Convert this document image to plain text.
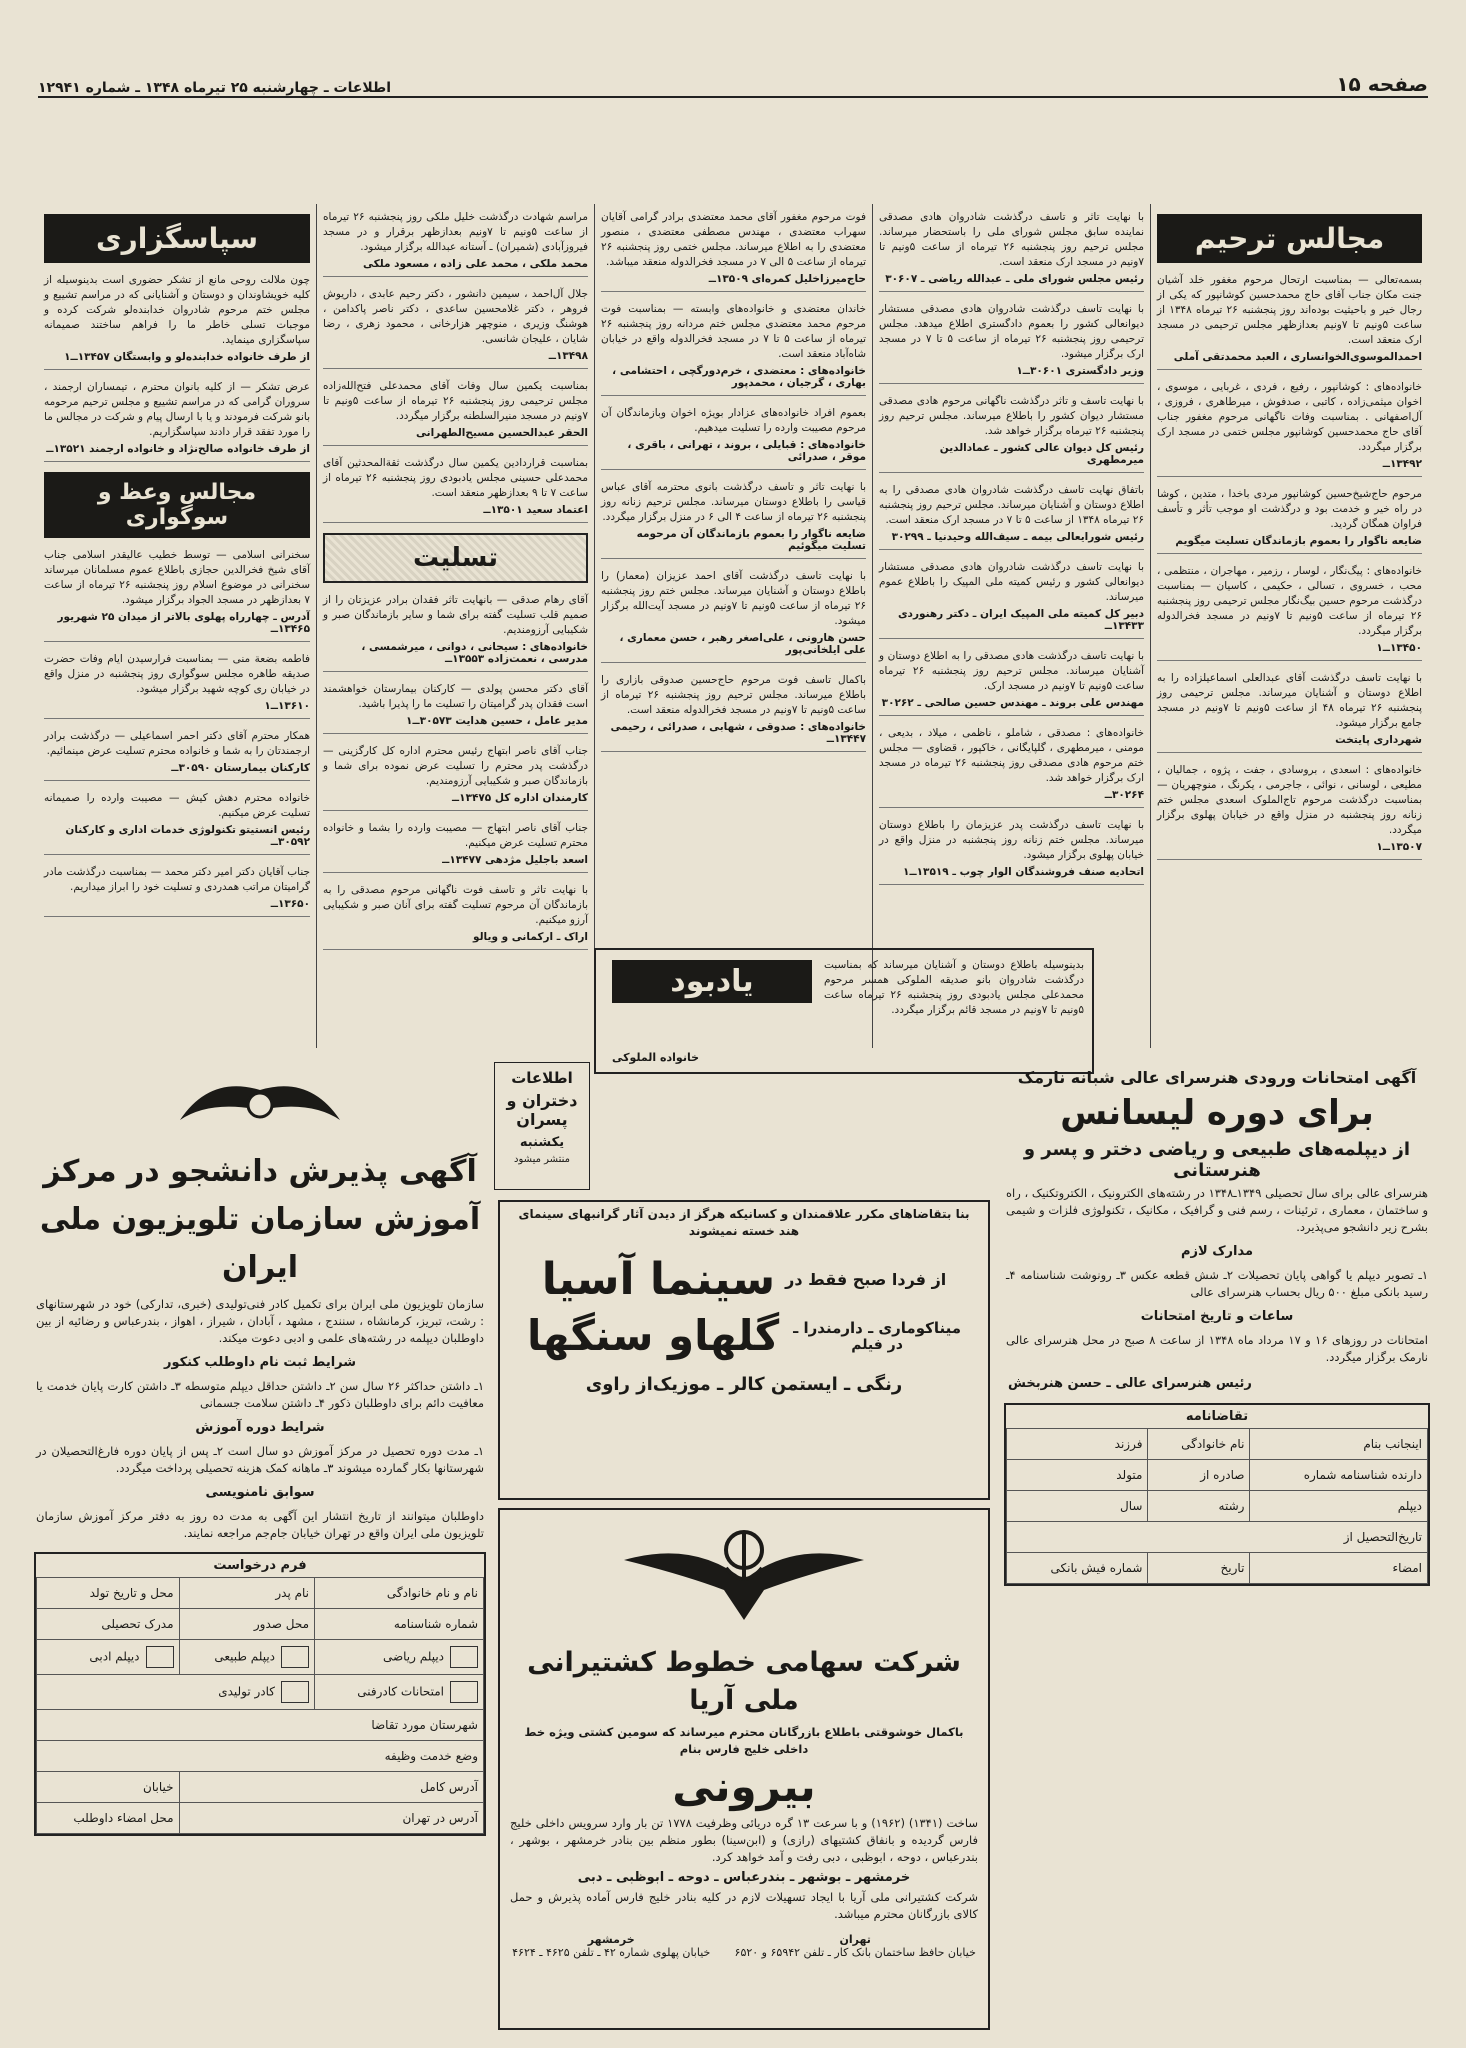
صفحه ۱۵
اطلاعات ـ چهارشنبه ۲۵ تیرماه ۱۳۴۸ ـ شماره ۱۲۹۴۱
مجالس ترحیم
بسمه‌تعالی — بمناسبت ارتحال مرحوم مغفور خلد آشیان جنت مکان جناب آقای حاج محمدحسین کوشانپور که یکی از رجال خیر و باحیثیت بوده‌اند روز پنجشنبه ۲۶ تیرماه ۱۳۴۸ از ساعت ۵ونیم تا ۷ونیم بعدازظهر مجلس ترحیمی در مسجد ارک منعقد است.
احمدالموسوی‌الخوانساری ، العبد محمدتقی آملی
خانواده‌های : کوشانپور ، رفیع ، فردی ، غربایی ، موسوی ، اخوان میثمی‌زاده ، کاتبی ، صدفوش ، میرطاهری ، فروزی ، آل‌اصفهانی . بمناسبت وفات ناگهانی مرحوم مغفور جناب آقای حاج محمدحسین کوشانپور مجلس ختمی در مسجد ارک برگزار میگردد.
۱۳۴۹۲ــ
مرحوم حاج‌شیخ‌حسین کوشانپور مردی باخدا ، متدین ، کوشا در راه خیر و خدمت بود و درگذشت او موجب تأثر و تأسف فراوان همگان گردید.
ضایعه ناگوار را بعموم بازماندگان تسلیت میگویم
خانواده‌های : پیگ‌نگار ، لوسار ، رزمیر ، مهاجران ، منتظمی ، محب ، خسروی ، تسالی ، حکیمی ، کاسیان — بمناسبت درگذشت مرحوم حسین بیگ‌نگار مجلس ترحیمی روز پنجشنبه ۲۶ تیرماه از ساعت ۵ونیم تا ۷ونیم در مسجد فخرالدوله برگزار میگردد.
۱۳۴۵۰ــ۱
با نهایت تاسف درگذشت آقای عبدالعلی اسماعیلزاده را به اطلاع دوستان و آشنایان میرساند. مجلس ترحیمی روز پنجشنبه ۲۶ تیرماه ۴۸ از ساعت ۵ونیم تا ۷ونیم در مسجد جامع برگزار میشود.
شهرداری پایتخت
خانواده‌های : اسعدی ، بروسادی ، جفت ، پژوه ، جمالیان ، مطیعی ، لوسانی ، نوائی ، جاجرمی ، یکرنگ ، منوچهریان — بمناسبت درگذشت مرحوم تاج‌الملوک اسعدی مجلس ختم زنانه روز پنجشنبه در منزل واقع در خیابان پهلوی برگزار میگردد.
۱۳۵۰۷ــ۱
با نهایت تاثر و تاسف درگذشت شادروان هادی مصدقی نماینده سابق مجلس شورای ملی را باستحضار میرساند. مجلس ترحیم روز پنجشنبه ۲۶ تیرماه از ساعت ۵ونیم تا ۷ونیم در مسجد ارک منعقد است.
رئیس مجلس شورای ملی ـ عبدالله ریاضی ـ ۳۰۶۰۷
با نهایت تاسف درگذشت شادروان هادی مصدقی مستشار دیوانعالی کشور را بعموم دادگستری اطلاع میدهد. مجلس ترحیمی روز پنجشنبه ۲۶ تیرماه از ساعت ۵ تا ۷ در مسجد ارک برگزار میشود.
وزیر دادگستری ۳۰۶۰۱ــ۱
با نهایت تاسف و تاثر درگذشت ناگهانی مرحوم هادی مصدقی مستشار دیوان کشور را باطلاع میرساند. مجلس ترحیم روز پنجشنبه ۲۶ تیرماه برگزار خواهد شد.
رئیس کل دیوان عالی کشور ـ عمادالدین میرمطهری
باتفاق نهایت تاسف درگذشت شادروان هادی مصدقی را به اطلاع دوستان و آشنایان میرساند. مجلس ترحیم روز پنجشنبه ۲۶ تیرماه ۱۳۴۸ از ساعت ۵ تا ۷ در مسجد ارک منعقد است.
رئیس شورایعالی بیمه ـ سیف‌الله وحیدنیا ـ ۳۰۲۹۹
با نهایت تاسف درگذشت شادروان هادی مصدقی مستشار دیوانعالی کشور و رئیس کمیته ملی المپیک را باطلاع عموم میرساند.
دبیر کل کمیته ملی المپیک ایران ـ دکتر رهنوردی ۱۳۴۳۳ــ
با نهایت تاسف درگذشت هادی مصدقی را به اطلاع دوستان و آشنایان میرساند. مجلس ترحیم روز پنجشنبه ۲۶ تیرماه ساعت ۵ونیم تا ۷ونیم در مسجد ارک.
مهندس علی بروند ـ مهندس حسین صالحی ـ ۳۰۲۶۲
خانواده‌های : مصدقی ، شاملو ، ناظمی ، میلاد ، بدیعی ، مومنی ، میرمطهری ، گلپایگانی ، خاکپور ، قضاوی — مجلس ختم مرحوم هادی مصدقی روز پنجشنبه ۲۶ تیرماه در مسجد ارک برگزار خواهد شد.
۳۰۲۶۴ــ
با نهایت تاسف درگذشت پدر عزیزمان را باطلاع دوستان میرساند. مجلس ختم زنانه روز پنجشنبه در منزل واقع در خیابان پهلوی برگزار میشود.
اتحادیه صنف فروشندگان الوار چوب ـ ۱۳۵۱۹ــ۱
فوت مرحوم مغفور آقای محمد معتضدی برادر گرامی آقایان سهراب معتضدی ، مهندس مصطفی معتضدی ، منصور معتضدی را به اطلاع میرساند. مجلس ختمی روز پنجشنبه ۲۶ تیرماه از ساعت ۵ الی ۷ در مسجد فخرالدوله منعقد میباشد.
حاج‌میرزاخلیل کمره‌ای ۱۳۵۰۹ــ
خاندان معتضدی و خانواده‌های وابسته — بمناسبت فوت مرحوم محمد معتضدی مجلس ختم مردانه روز پنجشنبه ۲۶ تیرماه از ساعت ۵ تا ۷ در مسجد فخرالدوله واقع در خیابان شاه‌آباد منعقد است.
خانواده‌های : معتضدی ، خرم‌دورگچی ، احتشامی ، بهاری ، گرجیان ، محمدپور
بعموم افراد خانواده‌های عزادار بویژه اخوان وبازماندگان آن مرحوم مصیبت وارده را تسلیت میدهیم.
خانواده‌های : قبایلی ، بروند ، تهرانی ، باقری ، موقر ، صدرائی
با نهایت تاثر و تاسف درگذشت بانوی محترمه آقای عباس قیاسی را باطلاع دوستان میرساند. مجلس ترحیم زنانه روز پنجشنبه ۲۶ تیرماه از ساعت ۴ الی ۶ در منزل برگزار میگردد.
ضایعه ناگوار را بعموم بازماندگان آن مرحومه تسلیت میگوئیم
با نهایت تاسف درگذشت آقای احمد عزیزان (معمار) را باطلاع دوستان و آشنایان میرساند. مجلس ختم روز پنجشنبه ۲۶ تیرماه از ساعت ۵ونیم تا ۷ونیم در مسجد آیت‌الله برگزار میشود.
حسن هارونی ، علی‌اصغر رهبر ، حسن معماری ، علی ایلخانی‌پور
باکمال تاسف فوت مرحوم حاج‌حسین صدوقی بازاری را باطلاع میرساند. مجلس ترحیم روز پنجشنبه ۲۶ تیرماه از ساعت ۵ونیم تا ۷ونیم در مسجد فخرالدوله منعقد است.
خانواده‌های : صدوقی ، شهابی ، صدرائی ، رحیمی ۱۳۴۴۷ــ
مراسم شهادت درگذشت خلیل ملکی روز پنجشنبه ۲۶ تیرماه از ساعت ۵ونیم تا ۷ونیم بعدازظهر برقرار و در مسجد فیروزآبادی (شمیران) ـ آستانه عبدالله برگزار میشود.
محمد ملکی ، محمد علی زاده ، مسعود ملکی
جلال آل‌احمد ، سیمین دانشور ، دکتر رحیم عابدی ، داریوش فروهر ، دکتر غلامحسین ساعدی ، دکتر ناصر پاکدامن ، هوشنگ وزیری ، منوچهر هزارخانی ، محمود زهری ، رضا شایان ، علیجان شانسی.
۱۳۴۹۸ــ
بمناسبت یکمین سال وفات آقای محمدعلی فتح‌الله‌زاده مجلس ترحیمی روز پنجشنبه ۲۶ تیرماه از ساعت ۵ونیم تا ۷ونیم در مسجد منیرالسلطنه برگزار میگردد.
الحقر عبدالحسین مسیح‌الطهرانی
بمناسبت قراردادین یکمین سال درگذشت ثقةالمحدثین آقای محمدعلی حسینی مجلس یادبودی روز پنجشنبه ۲۶ تیرماه از ساعت ۷ تا ۹ بعدازظهر منعقد است.
اعتماد سعید ۱۳۵۰۱ــ
تسلیت
آقای رهام صدقی — بانهایت تاثر فقدان برادر عزیزتان را از صمیم قلب تسلیت گفته برای شما و سایر بازماندگان صبر و شکیبایی آرزومندیم.
خانواده‌های : سیحانی ، دوانی ، میرشمسی ، مدرسی ، نعمت‌زاده ۱۳۵۵۳ــ
آقای دکتر محسن پولدی — کارکنان بیمارستان خواهشمند است فقدان پدر گرامیتان را تسلیت ما را پذیرا باشید.
مدیر عامل ، حسین هدایت ۳۰۵۷۳ــ۱
جناب آقای ناصر ابتهاج رئیس محترم اداره کل کارگزینی — درگذشت پدر محترم را تسلیت عرض نموده برای شما و بازماندگان صبر و شکیبایی آرزومندیم.
کارمندان اداره کل ۱۳۴۷۵ــ
جناب آقای ناصر ابتهاج — مصیبت وارده را بشما و خانواده محترم تسلیت عرض میکنیم.
اسعد باجلیل مژدهی ۱۳۴۷۷ــ
با نهایت تاثر و تاسف فوت ناگهانی مرحوم مصدقی را به بازماندگان آن مرحوم تسلیت گفته برای آنان صبر و شکیبایی آرزو میکنیم.
اراک ـ ارکمانی و ویالو
سپاسگزاری
چون ملالت روحی مانع از تشکر حضوری است بدینوسیله از کلیه خویشاوندان و دوستان و آشنایانی که در مراسم تشییع و مجلس ختم مرحوم شادروان خدابنده‌لو شرکت کرده و موجبات تسلی خاطر ما را فراهم ساختند صمیمانه سپاسگزاری مینماید.
از طرف خانواده خدابنده‌لو و وابستگان ۱۳۴۵۷ــ۱
عرض تشکر — از کلیه بانوان محترم ، تیمساران ارجمند ، سروران گرامی که در مراسم تشییع و مجلس ترحیم مرحومه بانو شرکت فرمودند و یا با ارسال پیام و شرکت در مجالس ما را مورد تفقد قرار دادند سپاسگزاریم.
از طرف خانواده صالح‌نژاد و خانواده ارجمند ۱۳۵۲۱ــ
مجالس وعظ و سوگواری
سخنرانی اسلامی — توسط خطیب عالیقدر اسلامی جناب آقای شیخ فخرالدین حجازی باطلاع عموم مسلمانان میرساند سخنرانی در موضوع اسلام روز پنجشنبه ۲۶ تیرماه از ساعت ۷ بعدازظهر در مسجد الجواد برگزار میشود.
آدرس ـ چهارراه پهلوی بالاتر از میدان ۲۵ شهریور ۱۳۴۶۵ــ
فاطمه بضعة منی — بمناسبت فرارسیدن ایام وفات حضرت صدیقه طاهره مجلس سوگواری روز پنجشنبه در منزل واقع در خیابان ری کوچه شهید برگزار میشود.
۱۳۶۱۰ــ۱
همکار محترم آقای دکتر احمر اسماعیلی — درگذشت برادر ارجمندتان را به شما و خانواده محترم تسلیت عرض مینمائیم.
کارکنان بیمارستان ۳۰۵۹۰ــ
خانواده محترم دهش کیش — مصیبت وارده را صمیمانه تسلیت عرض میکنیم.
رئیس انستیتو تکنولوژی خدمات اداری و کارکنان ۳۰۵۹۲ــ
جناب آقایان دکتر امیر دکتر محمد — بمناسبت درگذشت مادر گرامیتان مراتب همدردی و تسلیت خود را ابراز میداریم.
۱۳۶۵۰ــ
یادبود	بدینوسیله باطلاع دوستان و آشنایان میرساند که بمناسبت درگذشت شادروان بانو صدیقه الملوکی همسر مرحوم محمدعلی مجلس یادبودی روز پنجشنبه ۲۶ تیرماه ساعت ۵ونیم تا ۷ونیم در مسجد قائم برگزار میگردد.
خانواده الملوکی
اطلاعات
دختران و پسران
یکشنبه
منتشر میشود
آگهی پذیرش دانشجو در مرکز
آموزش سازمان تلویزیون ملی ایران
سازمان تلویزیون ملی ایران برای تکمیل کادر فنی‌تولیدی (خبری، تدارکی) خود در شهرستانهای : رشت، تبریز، کرمانشاه ، سنندج ، مشهد ، آبادان ، شیراز ، اهواز ، بندرعباس و رضائیه از بین داوطلبان دیپلمه در رشته‌های علمی و ادبی دعوت میکند.
شرایط ثبت نام داوطلب کنکور
۱ـ داشتن حداکثر ۲۶ سال سن ۲ـ داشتن حداقل دیپلم متوسطه ۳ـ داشتن کارت پایان خدمت یا معافیت دائم برای داوطلبان ذکور ۴ـ داشتن سلامت جسمانی
شرایط دوره آموزش
۱ـ مدت دوره تحصیل در مرکز آموزش دو سال است ۲ـ پس از پایان دوره فارغ‌التحصیلان در شهرستانها بکار گمارده میشوند ۳ـ ماهانه کمک هزینه تحصیلی پرداخت میگردد.
سوابق نامنویسی
داوطلبان میتوانند از تاریخ انتشار این آگهی به مدت ده روز به دفتر مرکز آموزش سازمان تلویزیون ملی ایران واقع در تهران خیابان جام‌جم مراجعه نمایند.
فرم درخواست
نام و نام خانوادگی	نام پدر	محل و تاریخ تولد
شماره شناسنامه	محل صدور	مدرک تحصیلی
دیپلم ریاضی	دیپلم طبیعی	دیپلم ادبی
امتحانات کادرفنی	کادر تولیدی	
شهرستان مورد تقاضا		
وضع خدمت وظیفه		
آدرس کامل		خیابان
آدرس در تهران		محل امضاء داوطلب
بنا بتقاضاهای مکرر علاقمندان و کسانیکه هرگز از دیدن آثار گرانبهای سینمای هند خسته نمیشوند
از فردا صبح فقط در
سینما آسیا
میناکوماری ـ دارمندرا ـ
در فیلم
گلهاو سنگها
رنگی ـ ایستمن کالر ـ موزیک‌از راوی
شرکت سهامی خطوط کشتیرانی ملی آریا
باکمال خوشوقتی باطلاع بازرگانان محترم میرساند که سومین کشتی ویژه خط داخلی خلیج فارس بنام
بیرونی
ساخت (۱۳۴۱) (۱۹۶۲) و با سرعت ۱۳ گره دریائی وظرفیت ۱۷۷۸ تن بار وارد سرویس داخلی خلیج فارس گردیده و بانفاق کشتیهای (رازی) و (ابن‌سینا) بطور منظم بین بنادر خرمشهر ، بوشهر ، بندرعباس ، دوحه ، ابوظبی ، دبی رفت و آمد خواهد کرد.
خرمشهر ـ بوشهر ـ بندرعباس ـ دوحه ـ ابوظبی ـ دبی
شرکت کشتیرانی ملی آریا با ایجاد تسهیلات لازم در کلیه بنادر خلیج فارس آماده پذیرش و حمل کالای بازرگانان محترم میباشد.
تهران
خیابان حافظ ساختمان بانک کار ـ تلفن ۶۵۹۴۲ و ۶۵۲۰
خرمشهر
خیابان پهلوی شماره ۴۲ ـ تلفن ۴۶۲۵ ـ ۴۶۲۴
آگهی امتحانات ورودی هنرسرای عالی شبانه نارمک
برای دوره لیسانس
از دیپلمه‌های طبیعی و ریاضی دختر و پسر و هنرستانی
هنرسرای عالی برای سال تحصیلی ۱۳۴۹ـ۱۳۴۸ در رشته‌های الکترونیک ، الکتروتکنیک ، راه و ساختمان ، معماری ، ترئینات ، رسم فنی و گرافیک ، مکانیک ، تکنولوژی فلزات و شیمی بشرح زیر دانشجو می‌پذیرد.
مدارک لازم
۱ـ تصویر دیپلم یا گواهی پایان تحصیلات ۲ـ شش قطعه عکس ۳ـ رونوشت شناسنامه ۴ـ رسید بانکی مبلغ ۵۰۰ ریال بحساب هنرسرای عالی
ساعات و تاریخ امتحانات
امتحانات در روزهای ۱۶ و ۱۷ مرداد ماه ۱۳۴۸ از ساعت ۸ صبح در محل هنرسرای عالی نارمک برگزار میگردد.
رئیس هنرسرای عالی ـ حسن هنربخش
تقاضانامه
اینجانب بنام	نام خانوادگی	فرزند
دارنده شناسنامه شماره	صادره از	متولد
دیپلم	رشته	سال
تاریخ‌التحصیل از		
امضاء	تاریخ	شماره فیش بانکی
